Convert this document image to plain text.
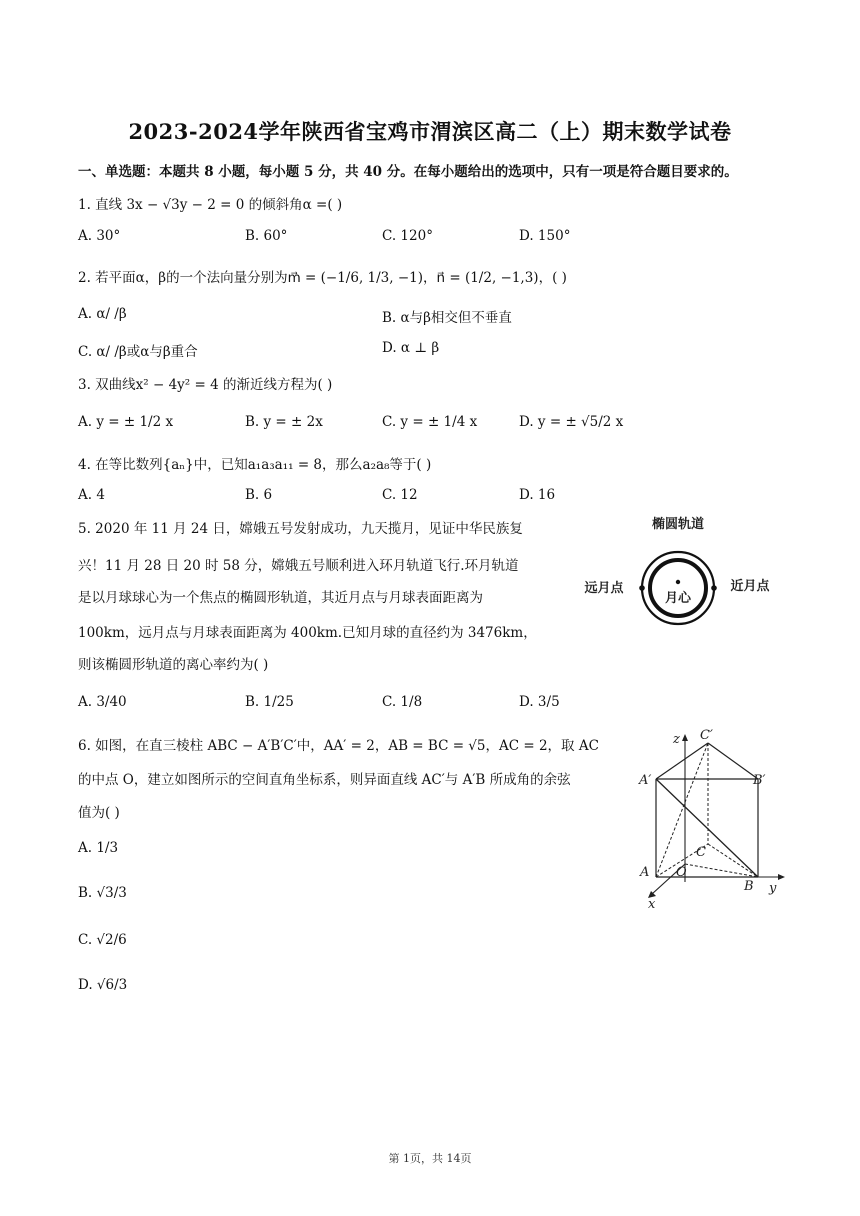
2023-2024学年陕西省宝鸡市渭滨区高二（上）期末数学试卷
一、单选题：本题共 8 小题，每小题 5 分，共 40 分。在每小题给出的选项中，只有一项是符合题目要求的。
1. 直线 3x − √3y − 2 = 0 的倾斜角α =( )
A. 30°	B. 60°	C. 120°	D. 150°
2. 若平面α，β的一个法向量分别为m⃗ = (−1/6, 1/3, −1)，n⃗ = (1/2, −1,3)，( )
A. α/ /β	B. α与β相交但不垂直
C. α/ /β或α与β重合	D. α ⊥ β
3. 双曲线x² − 4y² = 4 的渐近线方程为( )
A. y = ± 1/2 x	B. y = ± 2x	C. y = ± 1/4 x	D. y = ± √5/2 x
4. 在等比数列{aₙ}中，已知a₁a₃a₁₁ = 8，那么a₂a₈等于( )
A. 4	B. 6	C. 12	D. 16
5. 2020 年 11 月 24 日，嫦娥五号发射成功，九天揽月，见证中华民族复
兴！11 月 28 日 20 时 58 分，嫦娥五号顺利进入环月轨道飞行.环月轨道
是以月球球心为一个焦点的椭圆形轨道，其近月点与月球表面距离为
100km，远月点与月球表面距离为 400km.已知月球的直径约为 3476km，
则该椭圆形轨道的离心率约为( )
A. 3/40	B. 1/25	C. 1/8	D. 3/5
椭圆轨道
远月点	近月点
月心
6. 如图，在直三棱柱 ABC − A′B′C′中，AA′ = 2，AB = BC = √5，AC = 2，取 AC
的中点 O，建立如图所示的空间直角坐标系，则异面直线 AC′与 A′B 所成角的余弦
值为( )
A. 1/3
B. √3/3
C. √2/6
D. √6/3
z C′
A′	B′
C
A O
B y
x
第 1页，共 14页
